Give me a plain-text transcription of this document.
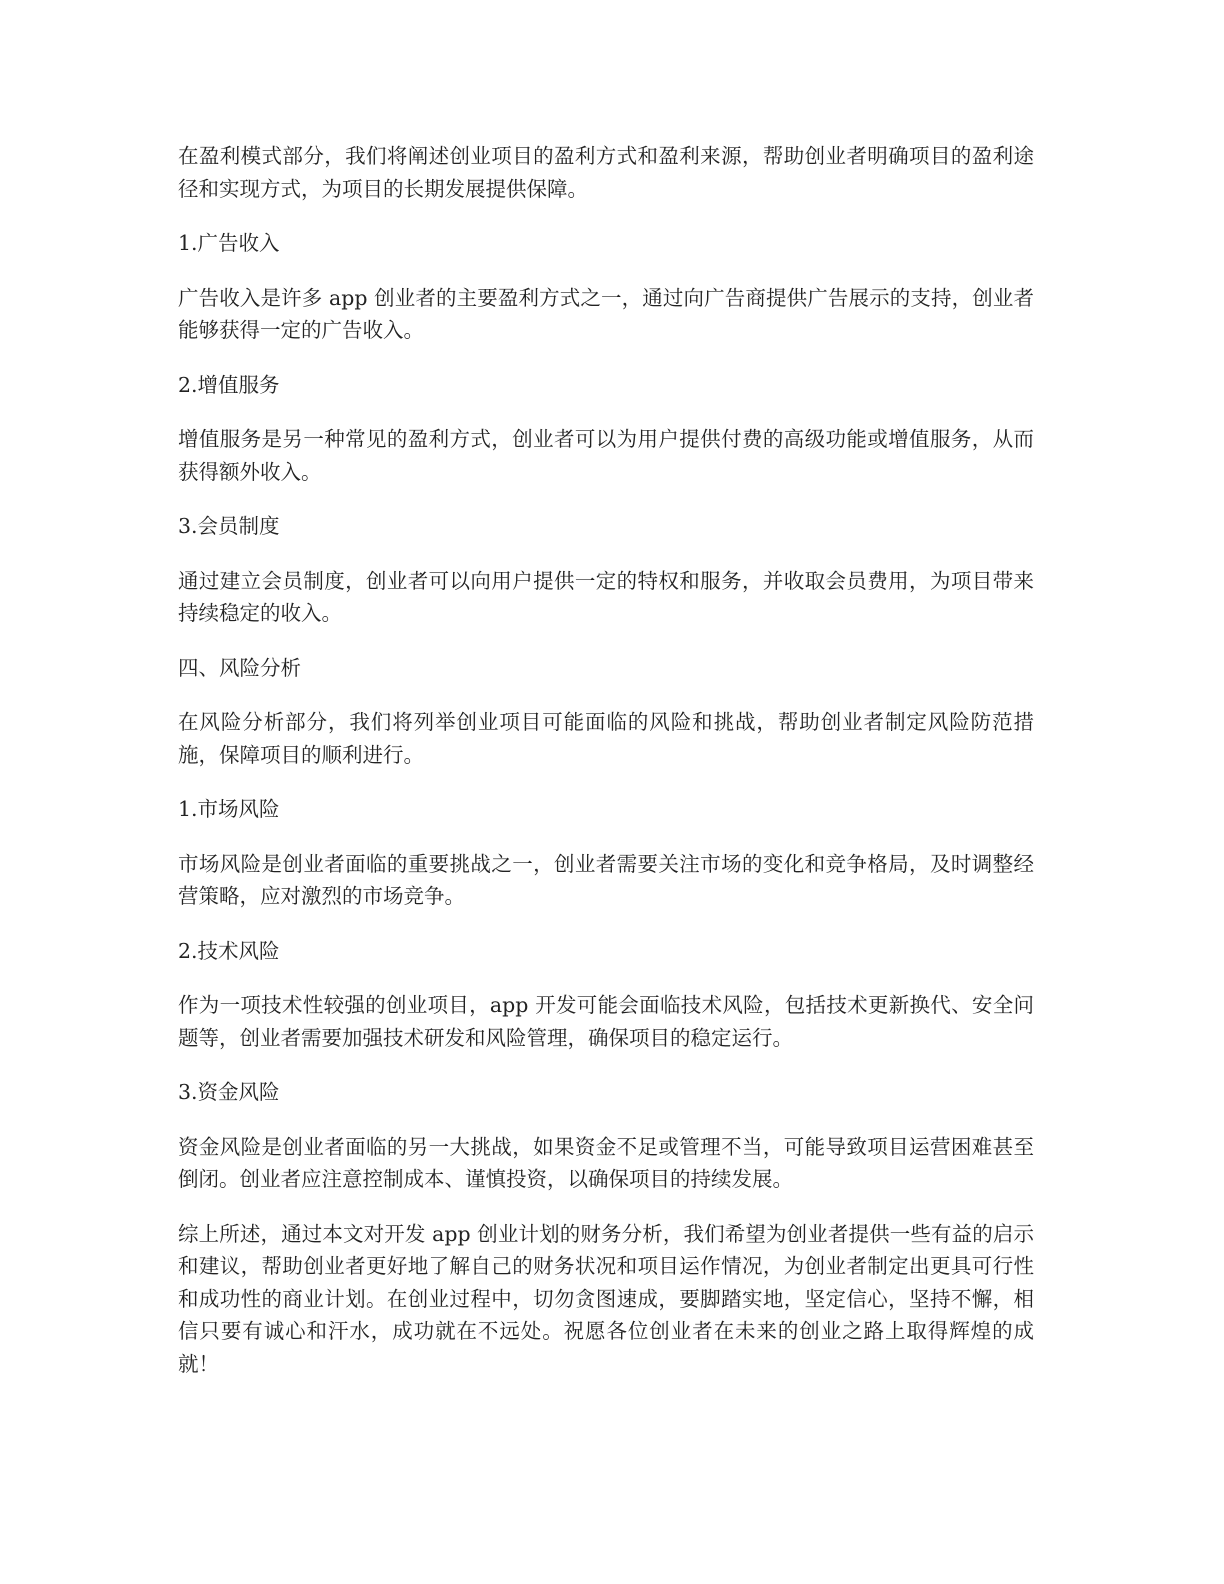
在盈利模式部分，我们将阐述创业项目的盈利方式和盈利来源，帮助创业者明确项目的盈利途径和实现方式，为项目的长期发展提供保障。

1.广告收入

广告收入是许多 app 创业者的主要盈利方式之一，通过向广告商提供广告展示的支持，创业者能够获得一定的广告收入。

2.增值服务

增值服务是另一种常见的盈利方式，创业者可以为用户提供付费的高级功能或增值服务，从而获得额外收入。

3.会员制度

通过建立会员制度，创业者可以向用户提供一定的特权和服务，并收取会员费用，为项目带来持续稳定的收入。

四、风险分析

在风险分析部分，我们将列举创业项目可能面临的风险和挑战，帮助创业者制定风险防范措施，保障项目的顺利进行。

1.市场风险

市场风险是创业者面临的重要挑战之一，创业者需要关注市场的变化和竞争格局，及时调整经营策略，应对激烈的市场竞争。

2.技术风险

作为一项技术性较强的创业项目，app 开发可能会面临技术风险，包括技术更新换代、安全问题等，创业者需要加强技术研发和风险管理，确保项目的稳定运行。

3.资金风险

资金风险是创业者面临的另一大挑战，如果资金不足或管理不当，可能导致项目运营困难甚至倒闭。创业者应注意控制成本、谨慎投资，以确保项目的持续发展。

综上所述，通过本文对开发 app 创业计划的财务分析，我们希望为创业者提供一些有益的启示和建议，帮助创业者更好地了解自己的财务状况和项目运作情况，为创业者制定出更具可行性和成功性的商业计划。在创业过程中，切勿贪图速成，要脚踏实地，坚定信心，坚持不懈，相信只要有诚心和汗水，成功就在不远处。祝愿各位创业者在未来的创业之路上取得辉煌的成就！
